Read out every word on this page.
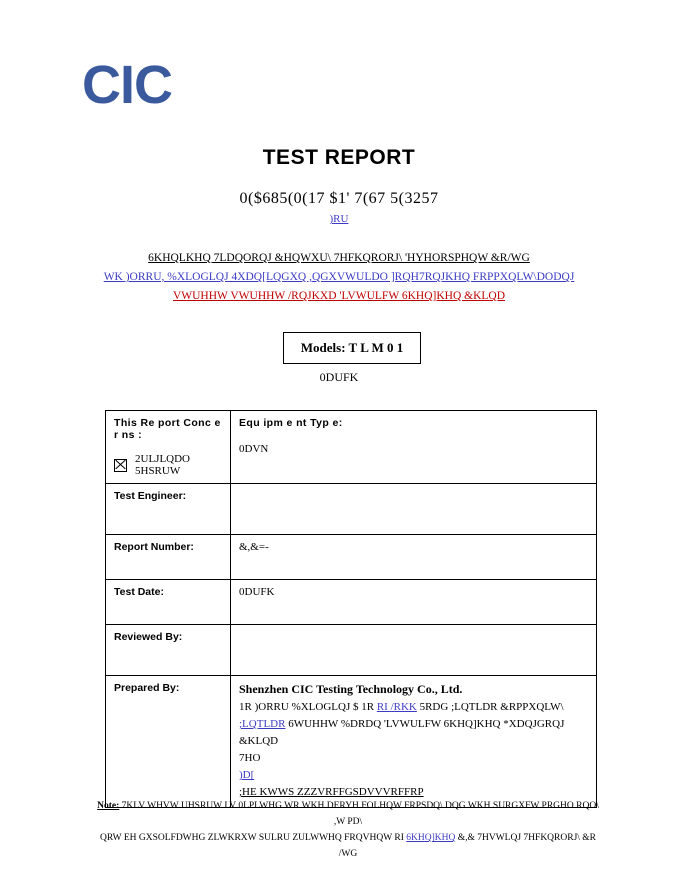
CIC
TEST REPORT
0($685(0(17 $1' 7(67 5(3257
)RU
6KHQLKHQ 7LDQORQJ &HQWXU\ 7HFKQRORJ\ 'HYHORSPHQW &R/WG
WK )ORRU, %XLOGLQJ 4XDQ[LQGXQ ,QGXVWULDO ]RQH7RQJKHQ FRPPXQLW\DODQJ
VWUHHW VWUHHW /RQJKXD 'LVWULFW 6KHQ]KHQ &KLQD
Models: T L M 0 1
0DUFK
This Re port Conc e r ns :
2ULJLQDO 5HSRUW

Equ ipm e nt Typ e:
0DVN

Test Engineer:	

Report Number:	&,&=-

Test Date:	0DUFK

Reviewed By:	

Prepared By:	Shenzhen CIC Testing Technology Co., Ltd.
1R )ORRU %XLOGLQJ $ 1R RI /RKK 5RDG ;LQTLDR &RPPXQLW\
;LQTLDR 6WUHHW %DRDQ 'LVWULFW 6KHQ]KHQ *XDQJGRQJ &KLQD
7HO
)D[
;HE KWWS ZZZVRFFGSDVVVRFFRP
Note: 7KLV WHVW UHSRUW LV 0LPLWHG WR WKH DERYH FOLHQW FRPSDQ\ DQG WKH SURGXFW PRGHO RQO\ ,W PD\
QRW EH GXSOLFDWHG ZLWKRXW SULRU ZULWWHQ FRQVHQW RI 6KHQ]KHQ &,& 7HVWLQJ 7HFKQRORJ\ &R /WG
